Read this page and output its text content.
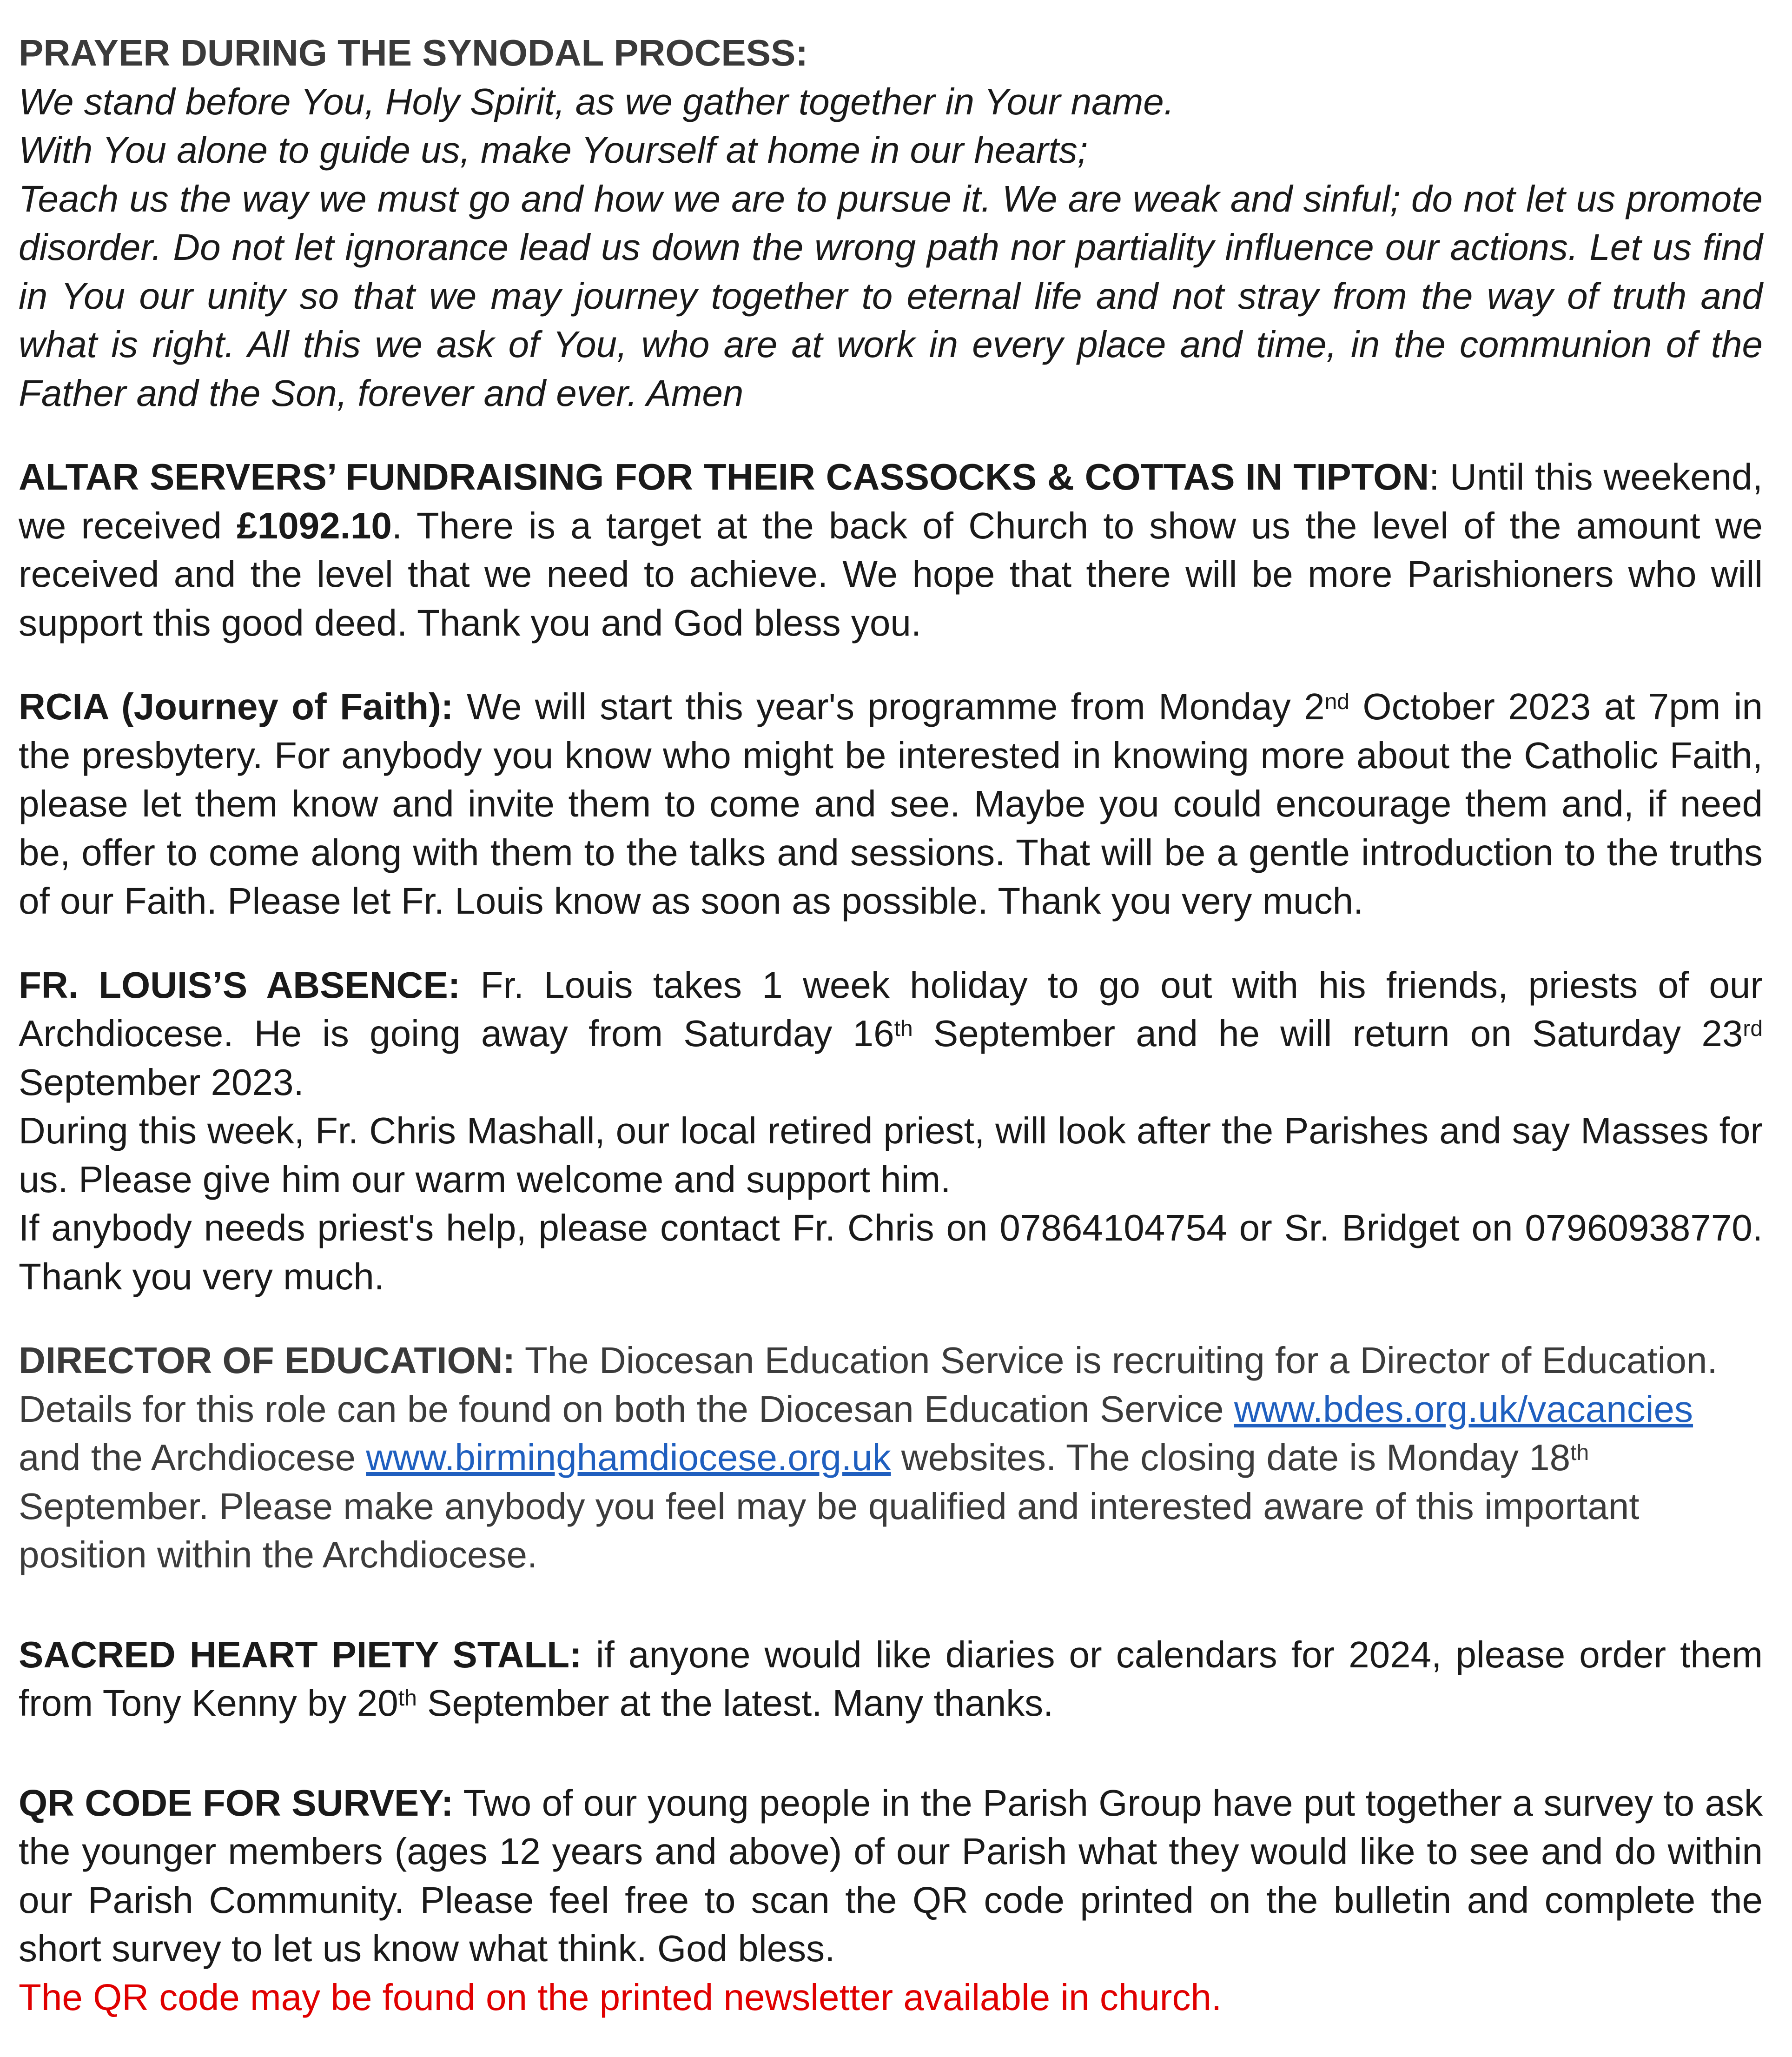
PRAYER DURING THE SYNODAL PROCESS:

We stand before You, Holy Spirit, as we gather together in Your name.

With You alone to guide us, make Yourself at home in our hearts;

Teach us the way we must go and how we are to pursue it. We are weak and sinful; do not let us promote disorder. Do not let ignorance lead us down the wrong path nor partiality influence our actions. Let us find in You our unity so that we may journey together to eternal life and not stray from the way of truth and what is right. All this we ask of You, who are at work in every place and time, in the communion of the Father and the Son, forever and ever. Amen

ALTAR SERVERS’ FUNDRAISING FOR THEIR CASSOCKS & COTTAS IN TIPTON: Until this weekend, we received £1092.10. There is a target at the back of Church to show us the level of the amount we received and the level that we need to achieve. We hope that there will be more Parishioners who will support this good deed. Thank you and God bless you.

RCIA (Journey of Faith): We will start this year's programme from Monday 2nd October 2023 at 7pm in the presbytery. For anybody you know who might be interested in knowing more about the Catholic Faith, please let them know and invite them to come and see. Maybe you could encourage them and, if need be, offer to come along with them to the talks and sessions. That will be a gentle introduction to the truths of our Faith. Please let Fr. Louis know as soon as possible. Thank you very much.

FR. LOUIS’S ABSENCE: Fr. Louis takes 1 week holiday to go out with his friends, priests of our Archdiocese. He is going away from Saturday 16th September and he will return on Saturday 23rd September 2023.

During this week, Fr. Chris Mashall, our local retired priest, will look after the Parishes and say Masses for us. Please give him our warm welcome and support him.

If anybody needs priest's help, please contact Fr. Chris on 07864104754 or Sr. Bridget on 07960938770. Thank you very much.

DIRECTOR OF EDUCATION: The Diocesan Education Service is recruiting for a Director of Education. Details for this role can be found on both the Diocesan Education Service www.bdes.org.uk/vacancies and the Archdiocese www.birminghamdiocese.org.uk websites. The closing date is Monday 18th September. Please make anybody you feel may be qualified and interested aware of this important position within the Archdiocese.

SACRED HEART PIETY STALL: if anyone would like diaries or calendars for 2024, please order them from Tony Kenny by 20th September at the latest. Many thanks.

QR CODE FOR SURVEY: Two of our young people in the Parish Group have put together a survey to ask the younger members (ages 12 years and above) of our Parish what they would like to see and do within our Parish Community. Please feel free to scan the QR code printed on the bulletin and complete the short survey to let us know what think. God bless.

The QR code may be found on the printed newsletter available in church.
